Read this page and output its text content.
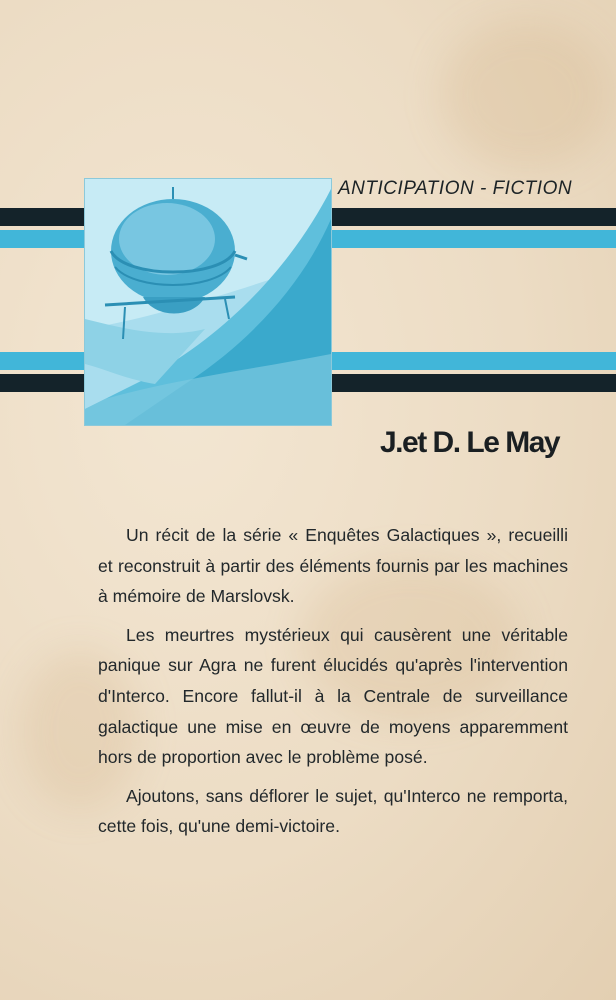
ANTICIPATION - FICTION
J.et D. Le May

Un récit de la série « Enquêtes Galactiques », recueilli et reconstruit à partir des éléments fournis par les machines à mémoire de Marslovsk.

Les meurtres mystérieux qui causèrent une véritable panique sur Agra ne furent élucidés qu'après l'intervention d'Interco. Encore fallut-il à la Centrale de surveillance galactique une mise en œuvre de moyens apparemment hors de proportion avec le problème posé.

Ajoutons, sans déflorer le sujet, qu'Interco ne remporta, cette fois, qu'une demi-victoire.
